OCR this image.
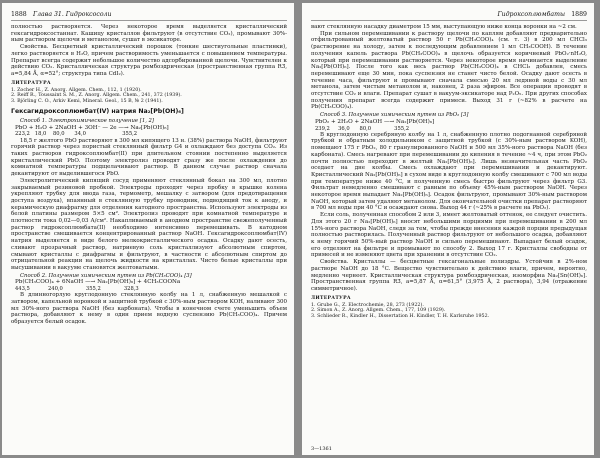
1888 Глава 31. Гидроксосоли

полностью растворяется. Через некоторое время выделяется кристаллический гексагидроксостаннат. Кашицу кристаллов фильтруют (в отсутствие CO₂), промывают 30%-ным раствором щелочи и метанолом, сушат в эксикаторе.

Свойства. Бесцветный кристаллический порошок (тонкие шестиугольные пластинки), легко растворяется в H₂O, причем растворимость уменьшается с повышением температуры. Препарат всегда содержит небольшое количество адсорбированной щелочи. Чувствителен к действию CO₂. Кристаллическая структура ромбоэдрическая (пространственная группа R3̄, a=5,84 Å, α=52°; структура типа CdI₂).

ЛИТЕРАТУРА

1. Zocher H., Z. Anorg. Allgem. Chem., 112, 1 (1920).

2. Reiff R., Toussaint S. M., Z. Anorg. Allgem. Chem., 241, 372 (1939).

3. Björling C. O., Arkiv Kemi, Mineral. Geol., 15 B, № 2 (1941).

Гексагидроксоплюмбат(IV) натрия Na₂[Pb(OH)₆]
Способ 1. Электрохимическое получение [1, 2]
PbO + H₂O + 2NaOH + 3OH⁻ — 2e —→ Na₂[Pb(OH)₆]
223,2   18,0    80,0      34,0                      355,2

18,5 г желтого PbO растворяют в 300 мл кипящего 13 н. (38%) раствора NaOH, фильтруют горячий раствор через пористый стеклянный фильтр G4 и охлаждают без доступа CO₂. Из таких растворов гидроксоплюмбат(II) при длительном стоянии постепенно выделяется кристаллический PbO. Поэтому электролиз проводят сразу же после охлаждения до комнатной температуры подщелачивают раствор. В данном случае раствор сначала декантируют от выделившегося PbO.

Электролитический кипящий сосуд применяют стеклянный бокал на 300 мл, плотно закрываемый резиновой пробкой. Электроды проходят через пробку в крышке колена укрепляют трубку для ввода газа, термометр, мешалку с затвором (для предотвращения доступа воздуха), впаянный в стеклянную трубку проводник, подводящий ток к аноду, и керамическую диафрагму для отделения катодного пространства. Используют электроды из белой платины размером 5×5 см². Электролиз проводят при комнатной температуре и плотности тока 0,02—0,03 А/см². Накапливаемый в анодном пространстве свежеполученный раствор гидроксоплюмбата(II) необходимо интенсивно перемешивать. В катодном пространстве смешивается концентрированный раствор NaOH. Гексагидроксоплюмбат(IV) натрия выделяется в виде белого мелкокристаллического осадка. Осадку дают осесть, сливают прозрачный раствор, натриевую соль кристаллизуют абсолютным спиртом, смывают кристаллы с диафрагмы и фильтруют, в частности с абсолютным спиртом до отрицательной реакции на щелочь жидкости на кристаллах. Чисто белые кристаллы при высушивании в вакууме становятся желтоватыми.

Способ 2. Получение химическим путем из Pb(CH₃COO)₄ [3]
Pb(CH₃COO)₄ + 6NaOH —→ Na₂[Pb(OH)₆] + 4CH₃COONa
443,5           240,0              355,2              328,3

В длинногорлую круглодонную стеклянную колбу на 1 л, снабженную мешалкой с затвором, капельной воронкой и защитной трубкой с 30%-ным раствором KOH, наливают 300 мл 30%-ного раствора NaOH (без карбоната). Чтобы в конечном счете уменьшить объем раствора, добавляют к нему в один прием водную суспензию Pb(CH₃COO)₄. Причем образуется белый осадок.

Гидроксоплюмбаты 1889

вают стеклянную насадку диаметром 15 мм, выступающую ниже конца воронки на ~2 см.

При сильном перемешивании к раствору щелочи по каплям добавляют предварительно отфильтрованный желтоватый раствор 50 г Pb(CH₃COO)₄ (см. т. 3) в 200 мл CHCl₃ (растворение на холоду, затем к последующим добавлением 1 мл CH₃COOH). В течение получения капель раствора Pb(CH₃COO)₄ в щелочь образуется коричневый PbO₂·nH₂O, который при перемешивании растворяется. Через некоторое время начинается выделение Na₂[Pb(OH)₆]. После того как весь раствор Pb(CH₃COO)₄ в CHCl₃ добавлен, смесь перемешивают еще 30 мин, пока суспензия не станет чисто белой. Осадку дают осесть в течение часа, фильтруют и промывают сначала смесью 20 мл ледяной воды с 30 мл метанола, затем чистым метанолом и, наконец, 2 раза эфиром. Все операции проводят в отсутствие CO₂ и влаги. Препарат сушат в вакуум-эксикаторе над P₂O₅. При других способах получения препарат всегда содержит примеси. Выход 31 г (~82% в расчете на Pb(CH₃COO)₄).

Способ 3. Получение химическим путем из PbO₂ [3]
PbO₂ + 2H₂O + 2NaOH —→ Na₂[Pb(OH)₆]
239,2     36,0      80,0              355,2

В круглодонную серебряную колбу на 1 л, снабженную плотно подогнанной серебряной трубкой и обратным холодильником с защитной трубкой (с 30%-ным раствором KOH), помещают 175 г PbO₂, 80 г гранулированного NaOH и 500 мл 35%-ного раствора NaOH (без карбоната). Смесь нагревают при перемешивании до кипения в течение ~4 ч, при этом PbO₂ почти полностью переходит в желтый Na₂[Pb(OH)₆]. Лишь незначительная часть PbO₂ оседает на дне колбы. Смесь охлаждают при перемешивании и декантируют. Кристаллический Na₂[Pb(OH)₆] в сухом виде в круглодонную колбу смешивают с 700 мл воды при температуре ниже 40 °C, и полученную смесь быстро фильтруют через фильтр G3. Фильтрат немедленно смешивают с равным по объему 45%-ным раствором NaOH. Через некоторое время выпадает Na₂[Pb(OH)₆]. Осадок фильтруют, промывают 30%-ным раствором NaOH, который затем удаляют метанолом. Для окончательной очистки препарат растворяют в 700 мл воды при 40 °C и осаждают снова. Выход 44 г (~25% в расчете на PbO₂).

Если соль, полученная способом 2 или 3, имеет желтоватый оттенок, ее следует очистить. Для этого 20 г Na₂[Pb(OH)₆] вносят небольшими порциями при перемешивании в 200 мл 15%-ного раствора NaOH, следя за тем, чтобы прежде внесения каждой порции предыдущая полностью растворилась. Полученный раствор фильтруют от небольшого осадка, добавляют к нему горячий 50%-ный раствор NaOH и сильно перемешивают. Выпадает белый осадок, его отделяют на фильтре и промывают по способу 2. Выход 17 г. Кристаллы свободны от примесей и не изменяют цвета при хранении в отсутствие CO₂.

Свойства. Кристаллы — бесцветные гексагональные полиэдры. Устойчив в 2%-ном растворе NaOH до 18 °C. Вещество чувствительно к действию влаги, причем, вероятно, медленно чернеет. Кристаллическая структура ромбоэдрическая, изоморфна Na₂[Sn(OH)₆]. Пространственная группа R3̄, a=5,87 Å, α=61,5° (3,975 Å, 2 раствора), 3,94 (отражение симметричное).

ЛИТЕРАТУРА

1. Grube G., Z. Electrochemie, 28, 273 (1922).

2. Simon A., Z. Anorg. Allgem. Chem., 177, 109 (1929).

3. Schlieder R., Kindler H., Dissertation H. Kindler, T. H. Karlsruhe 1952.

3—1361
